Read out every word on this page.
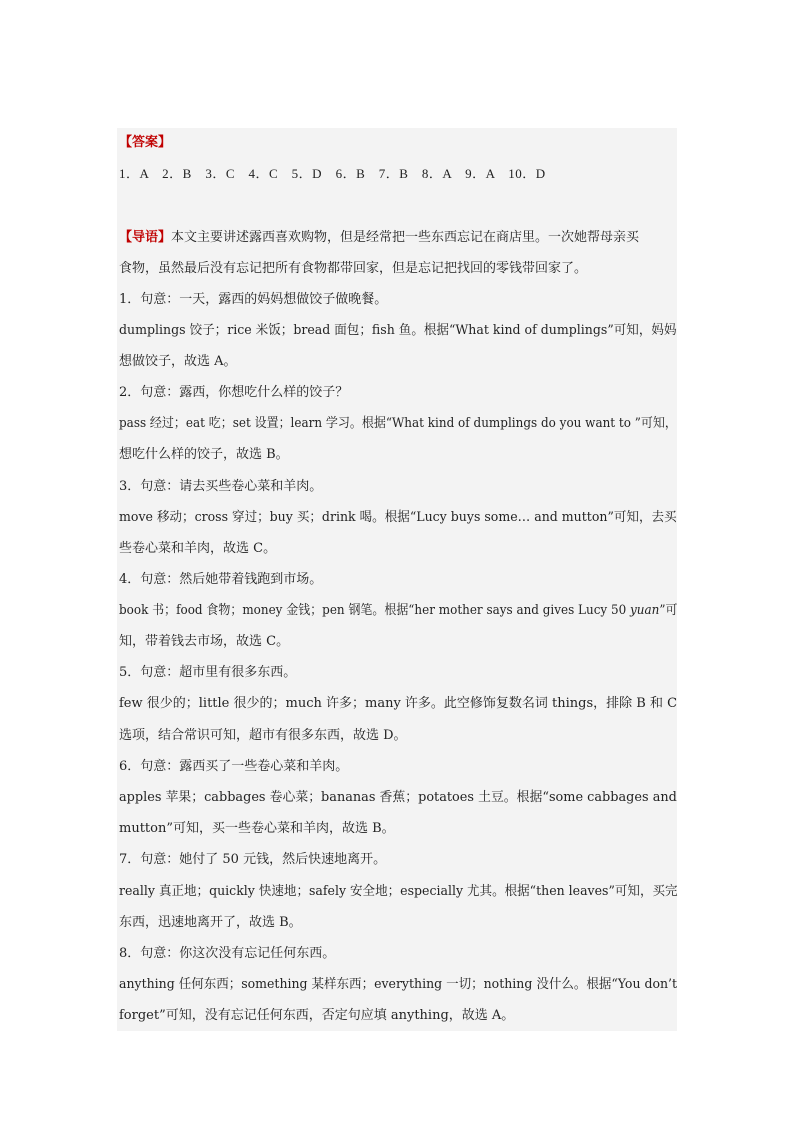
【答案】
1．A　2．B　3．C　4．C　5．D　6．B　7．B　8．A　9．A　10．D
【导语】本文主要讲述露西喜欢购物，但是经常把一些东西忘记在商店里。一次她帮母亲买
食物，虽然最后没有忘记把所有食物都带回家，但是忘记把找回的零钱带回家了。
1．句意：一天，露西的妈妈想做饺子做晚餐。
dumplings 饺子；rice 米饭；bread 面包；fish 鱼。根据“What kind of dumplings”可知，妈妈
想做饺子，故选 A。
2．句意：露西，你想吃什么样的饺子？
pass 经过；eat 吃；set 设置；learn 学习。根据“What kind of dumplings do you want to ”可知，
想吃什么样的饺子，故选 B。
3．句意：请去买些卷心菜和羊肉。
move 移动；cross 穿过；buy 买；drink 喝。根据“Lucy buys some… and mutton”可知，去买
些卷心菜和羊肉，故选 C。
4．句意：然后她带着钱跑到市场。
book 书；food 食物；money 金钱；pen 钢笔。根据“her mother says and gives Lucy 50 yuan”可
知，带着钱去市场，故选 C。
5．句意：超市里有很多东西。
few 很少的；little 很少的；much 许多；many 许多。此空修饰复数名词 things，排除 B 和 C
选项，结合常识可知，超市有很多东西，故选 D。
6．句意：露西买了一些卷心菜和羊肉。
apples 苹果；cabbages 卷心菜；bananas 香蕉；potatoes 土豆。根据“some cabbages and
mutton”可知，买一些卷心菜和羊肉，故选 B。
7．句意：她付了 50 元钱，然后快速地离开。
really 真正地；quickly 快速地；safely 安全地；especially 尤其。根据“then leaves”可知，买完
东西，迅速地离开了，故选 B。
8．句意：你这次没有忘记任何东西。
anything 任何东西；something 某样东西；everything 一切；nothing 没什么。根据“You don’t
forget”可知，没有忘记任何东西，否定句应填 anything，故选 A。
